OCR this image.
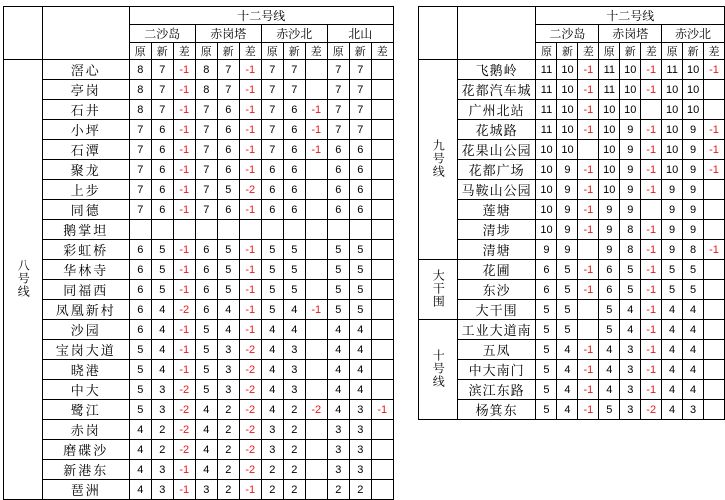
		十二号线											
		二沙岛			赤岗塔			赤沙北			北山		
		原	新	差	原	新	差	原	新	差	原	新	差
八号线	滘心	8	7	-1	8	7	-1	7	7		7	7	
	亭岗	8	7	-1	8	7	-1	7	7		7	7	
	石井	8	7	-1	7	6	-1	7	6	-1	7	7	
	小坪	7	6	-1	7	6	-1	7	6	-1	7	7	
	石潭	7	6	-1	7	6	-1	7	6	-1	6	6	
	聚龙	7	6	-1	7	6	-1	6	6		6	6	
	上步	7	6	-1	7	5	-2	6	6		6	6	
	同德	7	6	-1	7	6	-1	6	6		6	6	
	鹅掌坦												
	彩虹桥	6	5	-1	6	5	-1	5	5		5	5	
	华林寺	6	5	-1	6	5	-1	5	5		5	5	
	同福西	6	5	-1	6	5	-1	5	5		5	5	
	凤凰新村	6	4	-2	6	4	-1	5	4	-1	5	5	
	沙园	6	4	-1	5	4	-1	4	4		4	4	
	宝岗大道	5	4	-1	5	3	-2	4	3		4	4	
	晓港	5	4	-1	5	3	-2	4	3		4	4	
	中大	5	3	-2	5	3	-2	4	3		4	4	
	鹭江	5	3	-2	4	2	-2	4	2	-2	4	3	-1
	赤岗	4	2	-2	4	2	-2	3	2		3	3	
	磨碟沙	4	2	-2	4	2	-2	3	2		3	3	
	新港东	4	3	-1	4	2	-2	2	2		3	3	
	琶洲	4	3	-1	3	2	-1	2	2		2	2	
		十二号线								
		二沙岛			赤岗塔			赤沙北		
		原	新	差	原	新	差	原	新	差
九号线	飞鹅岭	11	10	-1	11	10	-1	11	10	-1
	花都汽车城	11	10	-1	11	10	-1	10	10	
	广州北站	11	10	-1	10	10		10	10	
	花城路	11	10	-1	10	9	-1	10	9	-1
	花果山公园	10	10		10	9	-1	10	9	-1
	花都广场	10	9	-1	10	9	-1	10	9	-1
	马鞍山公园	10	9	-1	10	9	-1	9	9	
	莲塘	10	9	-1	9	9		9	9	
	清埗	10	9	-1	9	8	-1	9	9	
	清塘	9	9		9	8	-1	9	8	-1
大干围	花圃	6	5	-1	6	5	-1	5	5	
	东沙	6	5	-1	6	5	-1	5	5	
	大干围	5	5		5	4	-1	4	4	
十号线	工业大道南	5	5		5	4	-1	4	4	
	五凤	5	4	-1	4	3	-1	4	4	
	中大南门	5	4	-1	4	3	-1	4	4	
	滨江东路	5	4	-1	4	3	-1	4	4	
	杨箕东	5	4	-1	5	3	-2	4	3	
